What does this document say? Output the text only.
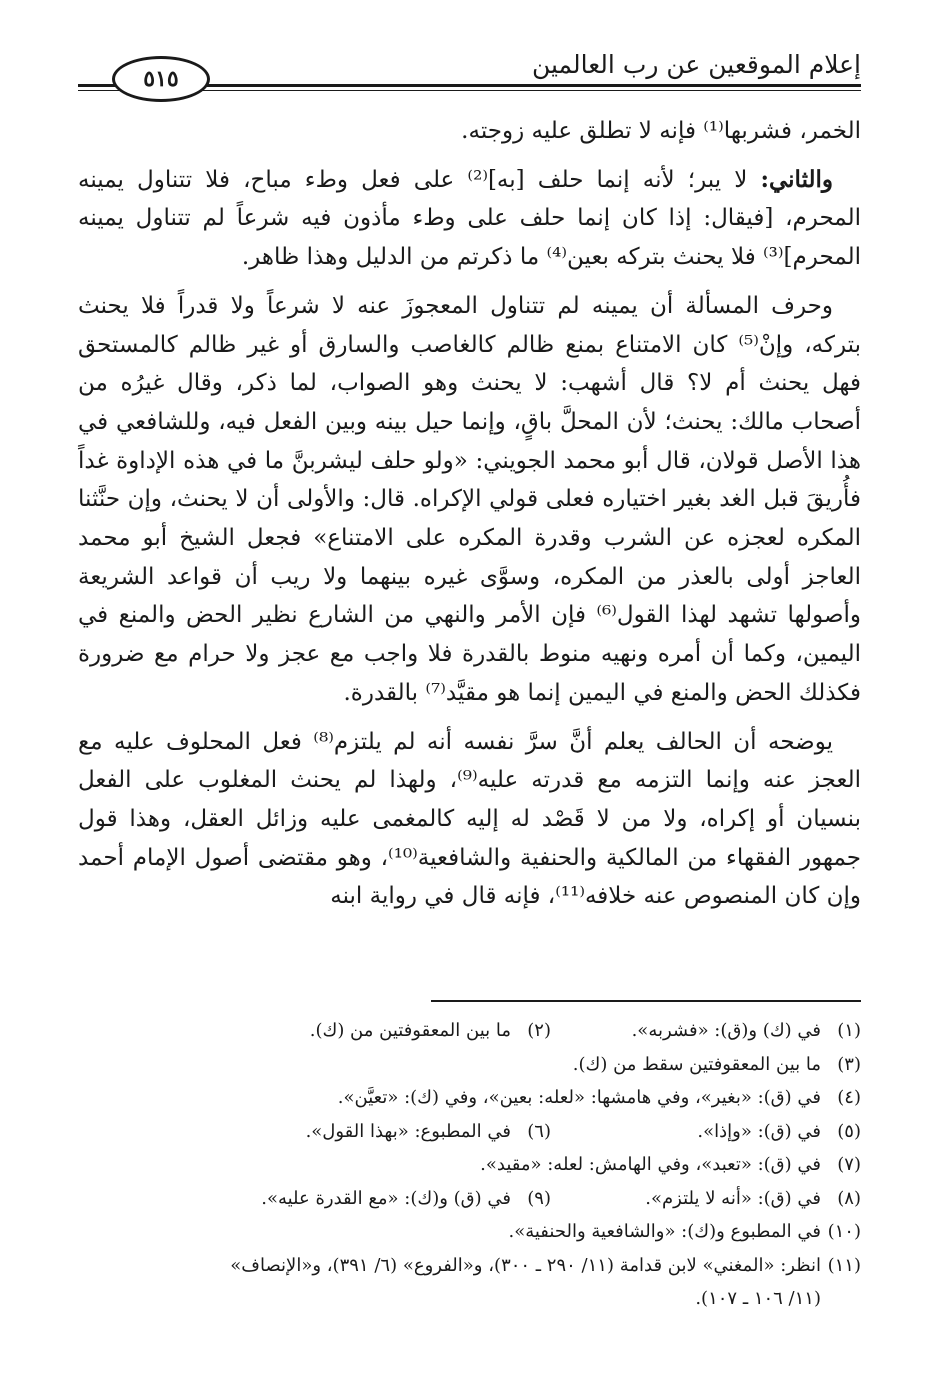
إعلام الموقعين عن رب العالمين
٥١٥

الخمر، فشربها⁽¹⁾ فإنه لا تطلق عليه زوجته.

والثاني: لا يبر؛ لأنه إنما حلف [به]⁽²⁾ على فعل وطء مباح، فلا تتناول يمينه المحرم، [فيقال: إذا كان إنما حلف على وطء مأذون فيه شرعاً لم تتناول يمينه المحرم]⁽³⁾ فلا يحنث بتركه بعين⁽⁴⁾ ما ذكرتم من الدليل وهذا ظاهر.

وحرف المسألة أن يمينه لم تتناول المعجوزَ عنه لا شرعاً ولا قدراً فلا يحنث بتركه، وإنْ⁽⁵⁾ كان الامتناع بمنع ظالم كالغاصب والسارق أو غير ظالم كالمستحق فهل يحنث أم لا؟ قال أشهب: لا يحنث وهو الصواب، لما ذكر، وقال غيرُه من أصحاب مالك: يحنث؛ لأن المحلَّ باقٍ، وإنما حيل بينه وبين الفعل فيه، وللشافعي في هذا الأصل قولان، قال أبو محمد الجويني: «ولو حلف ليشربنَّ ما في هذه الإداوة غداً فأُريقَ قبل الغد بغير اختياره فعلى قولي الإكراه. قال: والأولى أن لا يحنث، وإن حنَّثنا المكره لعجزه عن الشرب وقدرة المكره على الامتناع» فجعل الشيخ أبو محمد العاجز أولى بالعذر من المكره، وسوَّى غيره بينهما ولا ريب أن قواعد الشريعة وأصولها تشهد لهذا القول⁽⁶⁾ فإن الأمر والنهي من الشارع نظير الحض والمنع في اليمين، وكما أن أمره ونهيه منوط بالقدرة فلا واجب مع عجز ولا حرام مع ضرورة فكذلك الحض والمنع في اليمين إنما هو مقيَّد⁽⁷⁾ بالقدرة.

يوضحه أن الحالف يعلم أنَّ سرَّ نفسه أنه لم يلتزم⁽⁸⁾ فعل المحلوف عليه مع العجز عنه وإنما التزمه مع قدرته عليه⁽⁹⁾، ولهذا لم يحنث المغلوب على الفعل بنسيان أو إكراه، ولا من لا قَصْد له إليه كالمغمى عليه وزائل العقل، وهذا قول جمهور الفقهاء من المالكية والحنفية والشافعية⁽¹⁰⁾، وهو مقتضى أصول الإمام أحمد وإن كان المنصوص عنه خلافه⁽¹¹⁾، فإنه قال في رواية ابنه

(١)
في (ك) و(ق): «فشربه».
(٢)
ما بين المعقوفتين من (ك).
(٣)
ما بين المعقوفتين سقط من (ك).
(٤)
في (ق): «بغير»، وفي هامشها: «لعله: بعين»، وفي (ك): «تعيَّن».
(٥)
في (ق): «وإذا».
(٦)
في المطبوع: «بهذا القول».
(٧)
في (ق): «تعبد»، وفي الهامش: لعله: «مقيد».
(٨)
في (ق): «أنه لا يلتزم».
(٩)
في (ق) و(ك): «مع القدرة عليه».
(١٠)
في المطبوع و(ك): «والشافعية والحنفية».
(١١)
انظر: «المغني» لابن قدامة (١١/ ٢٩٠ ـ ٣٠٠)، و«الفروع» (٦/ ٣٩١)، و«الإنصاف»
(١١/ ١٠٦ ـ ١٠٧).
